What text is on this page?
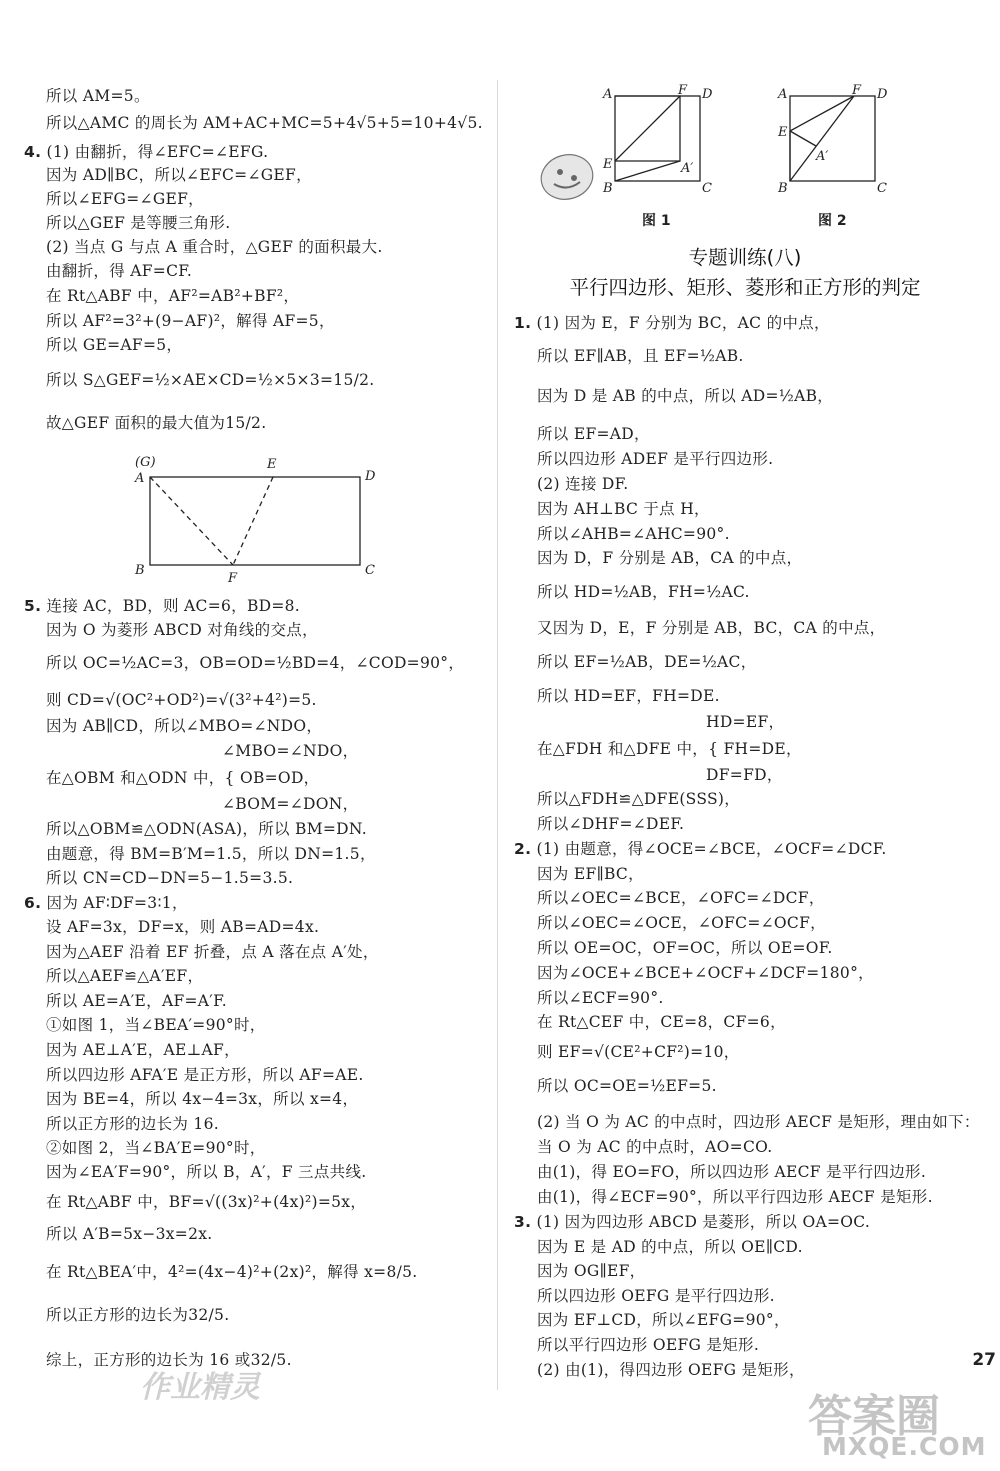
所以 AM=5。
所以△AMC 的周长为 AM+AC+MC=5+4√5+5=10+4√5.
4. (1) 由翻折，得∠EFC=∠EFG.
因为 AD∥BC，所以∠EFC=∠GEF，
所以∠EFG=∠GEF，
所以△GEF 是等腰三角形.
(2) 当点 G 与点 A 重合时，△GEF 的面积最大.
由翻折，得 AF=CF.
在 Rt△ABF 中，AF²=AB²+BF²，
所以 AF²=3²+(9−AF)²，解得 AF=5，
所以 GE=AF=5，
所以 S△GEF=½×AE×CD=½×5×3=15/2.
故△GEF 面积的最大值为15/2.
5. 连接 AC，BD，则 AC=6，BD=8.
因为 O 为菱形 ABCD 对角线的交点，
所以 OC=½AC=3，OB=OD=½BD=4，∠COD=90°，
则 CD=√(OC²+OD²)=√(3²+4²)=5.
因为 AB∥CD，所以∠MBO=∠NDO，
∠MBO=∠NDO，
在△OBM 和△ODN 中，{ OB=OD，
∠BOM=∠DON，
所以△OBM≌△ODN(ASA)，所以 BM=DN.
由题意，得 BM=B′M=1.5，所以 DN=1.5，
所以 CN=CD−DN=5−1.5=3.5.
6. 因为 AF∶DF=3∶1，
设 AF=3x，DF=x，则 AB=AD=4x.
因为△AEF 沿着 EF 折叠，点 A 落在点 A′处，
所以△AEF≌△A′EF，
所以 AE=A′E，AF=A′F.
①如图 1，当∠BEA′=90°时，
因为 AE⊥A′E，AE⊥AF，
所以四边形 AFA′E 是正方形，所以 AF=AE.
因为 BE=4，所以 4x−4=3x，所以 x=4，
所以正方形的边长为 16.
②如图 2，当∠BA′E=90°时，
因为∠EA′F=90°，所以 B，A′，F 三点共线.
在 Rt△ABF 中，BF=√((3x)²+(4x)²)=5x，
所以 A′B=5x−3x=2x.
在 Rt△BEA′中，4²=(4x−4)²+(2x)²，解得 x=8/5.
所以正方形的边长为32/5.
综上，正方形的边长为 16 或32/5.
(G)
A
E
D
B
F
C
A	F D
E	A′
B	C
图 1
A	F D
E
A′
B	C
图 2
专题训练(八)
平行四边形、矩形、菱形和正方形的判定
1. (1) 因为 E，F 分别为 BC，AC 的中点，
所以 EF∥AB，且 EF=½AB.
因为 D 是 AB 的中点，所以 AD=½AB，
所以 EF=AD，
所以四边形 ADEF 是平行四边形.
(2) 连接 DF.
因为 AH⊥BC 于点 H，
所以∠AHB=∠AHC=90°.
因为 D，F 分别是 AB，CA 的中点，
所以 HD=½AB，FH=½AC.
又因为 D，E，F 分别是 AB，BC，CA 的中点，
所以 EF=½AB，DE=½AC，
所以 HD=EF，FH=DE.
HD=EF，
在△FDH 和△DFE 中，{ FH=DE，
DF=FD，
所以△FDH≌△DFE(SSS)，
所以∠DHF=∠DEF.
2. (1) 由题意，得∠OCE=∠BCE，∠OCF=∠DCF.
因为 EF∥BC，
所以∠OEC=∠BCE，∠OFC=∠DCF，
所以∠OEC=∠OCE，∠OFC=∠OCF，
所以 OE=OC，OF=OC，所以 OE=OF.
因为∠OCE+∠BCE+∠OCF+∠DCF=180°，
所以∠ECF=90°.
在 Rt△CEF 中，CE=8，CF=6，
则 EF=√(CE²+CF²)=10，
所以 OC=OE=½EF=5.
(2) 当 O 为 AC 的中点时，四边形 AECF 是矩形，理由如下：
当 O 为 AC 的中点时，AO=CO.
由(1)，得 EO=FO，所以四边形 AECF 是平行四边形.
由(1)，得∠ECF=90°，所以平行四边形 AECF 是矩形.
3. (1) 因为四边形 ABCD 是菱形，所以 OA=OC.
因为 E 是 AD 的中点，所以 OE∥CD.
因为 OG∥EF，
所以四边形 OEFG 是平行四边形.
因为 EF⊥CD，所以∠EFG=90°，
所以平行四边形 OEFG 是矩形.
(2) 由(1)，得四边形 OEFG 是矩形，	27
作业精灵
答案圈
MXQE.COM
